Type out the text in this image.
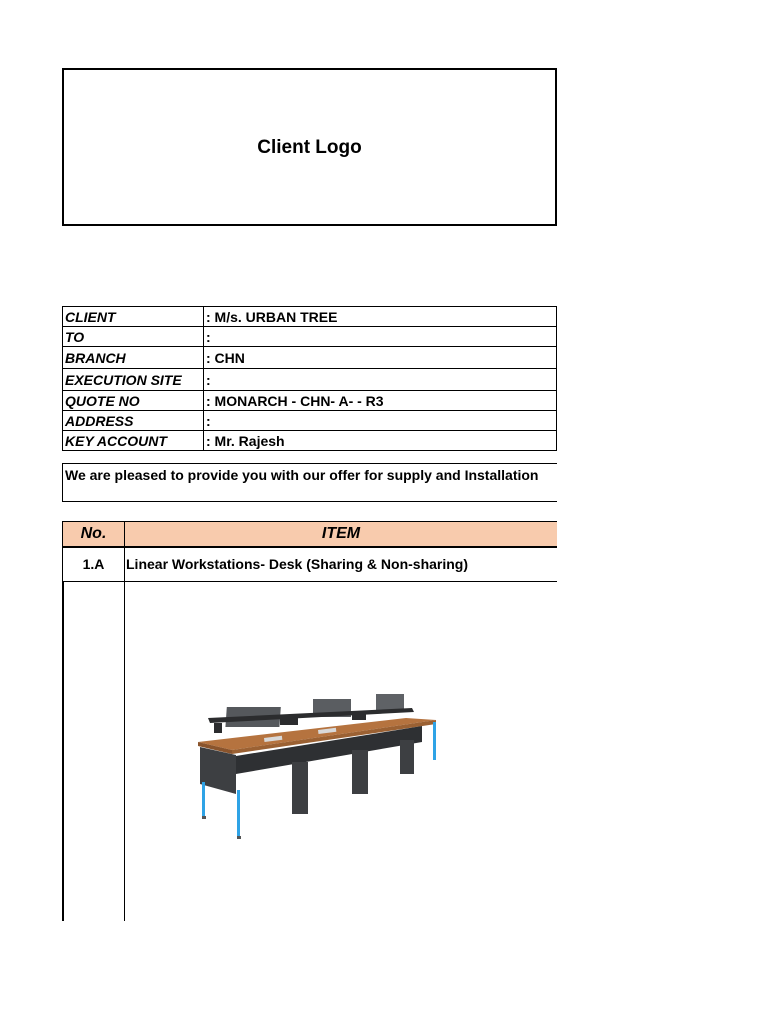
Client Logo
CLIENT	: M/s. URBAN TREE
TO	:
BRANCH	: CHN
EXECUTION SITE	:
QUOTE NO	: MONARCH - CHN- A- - R3
ADDRESS	:
KEY ACCOUNT	: Mr. Rajesh
We are pleased to provide you with our offer for supply and Installation
No.	ITEM
1.A	Linear Workstations- Desk (Sharing & Non-sharing)
